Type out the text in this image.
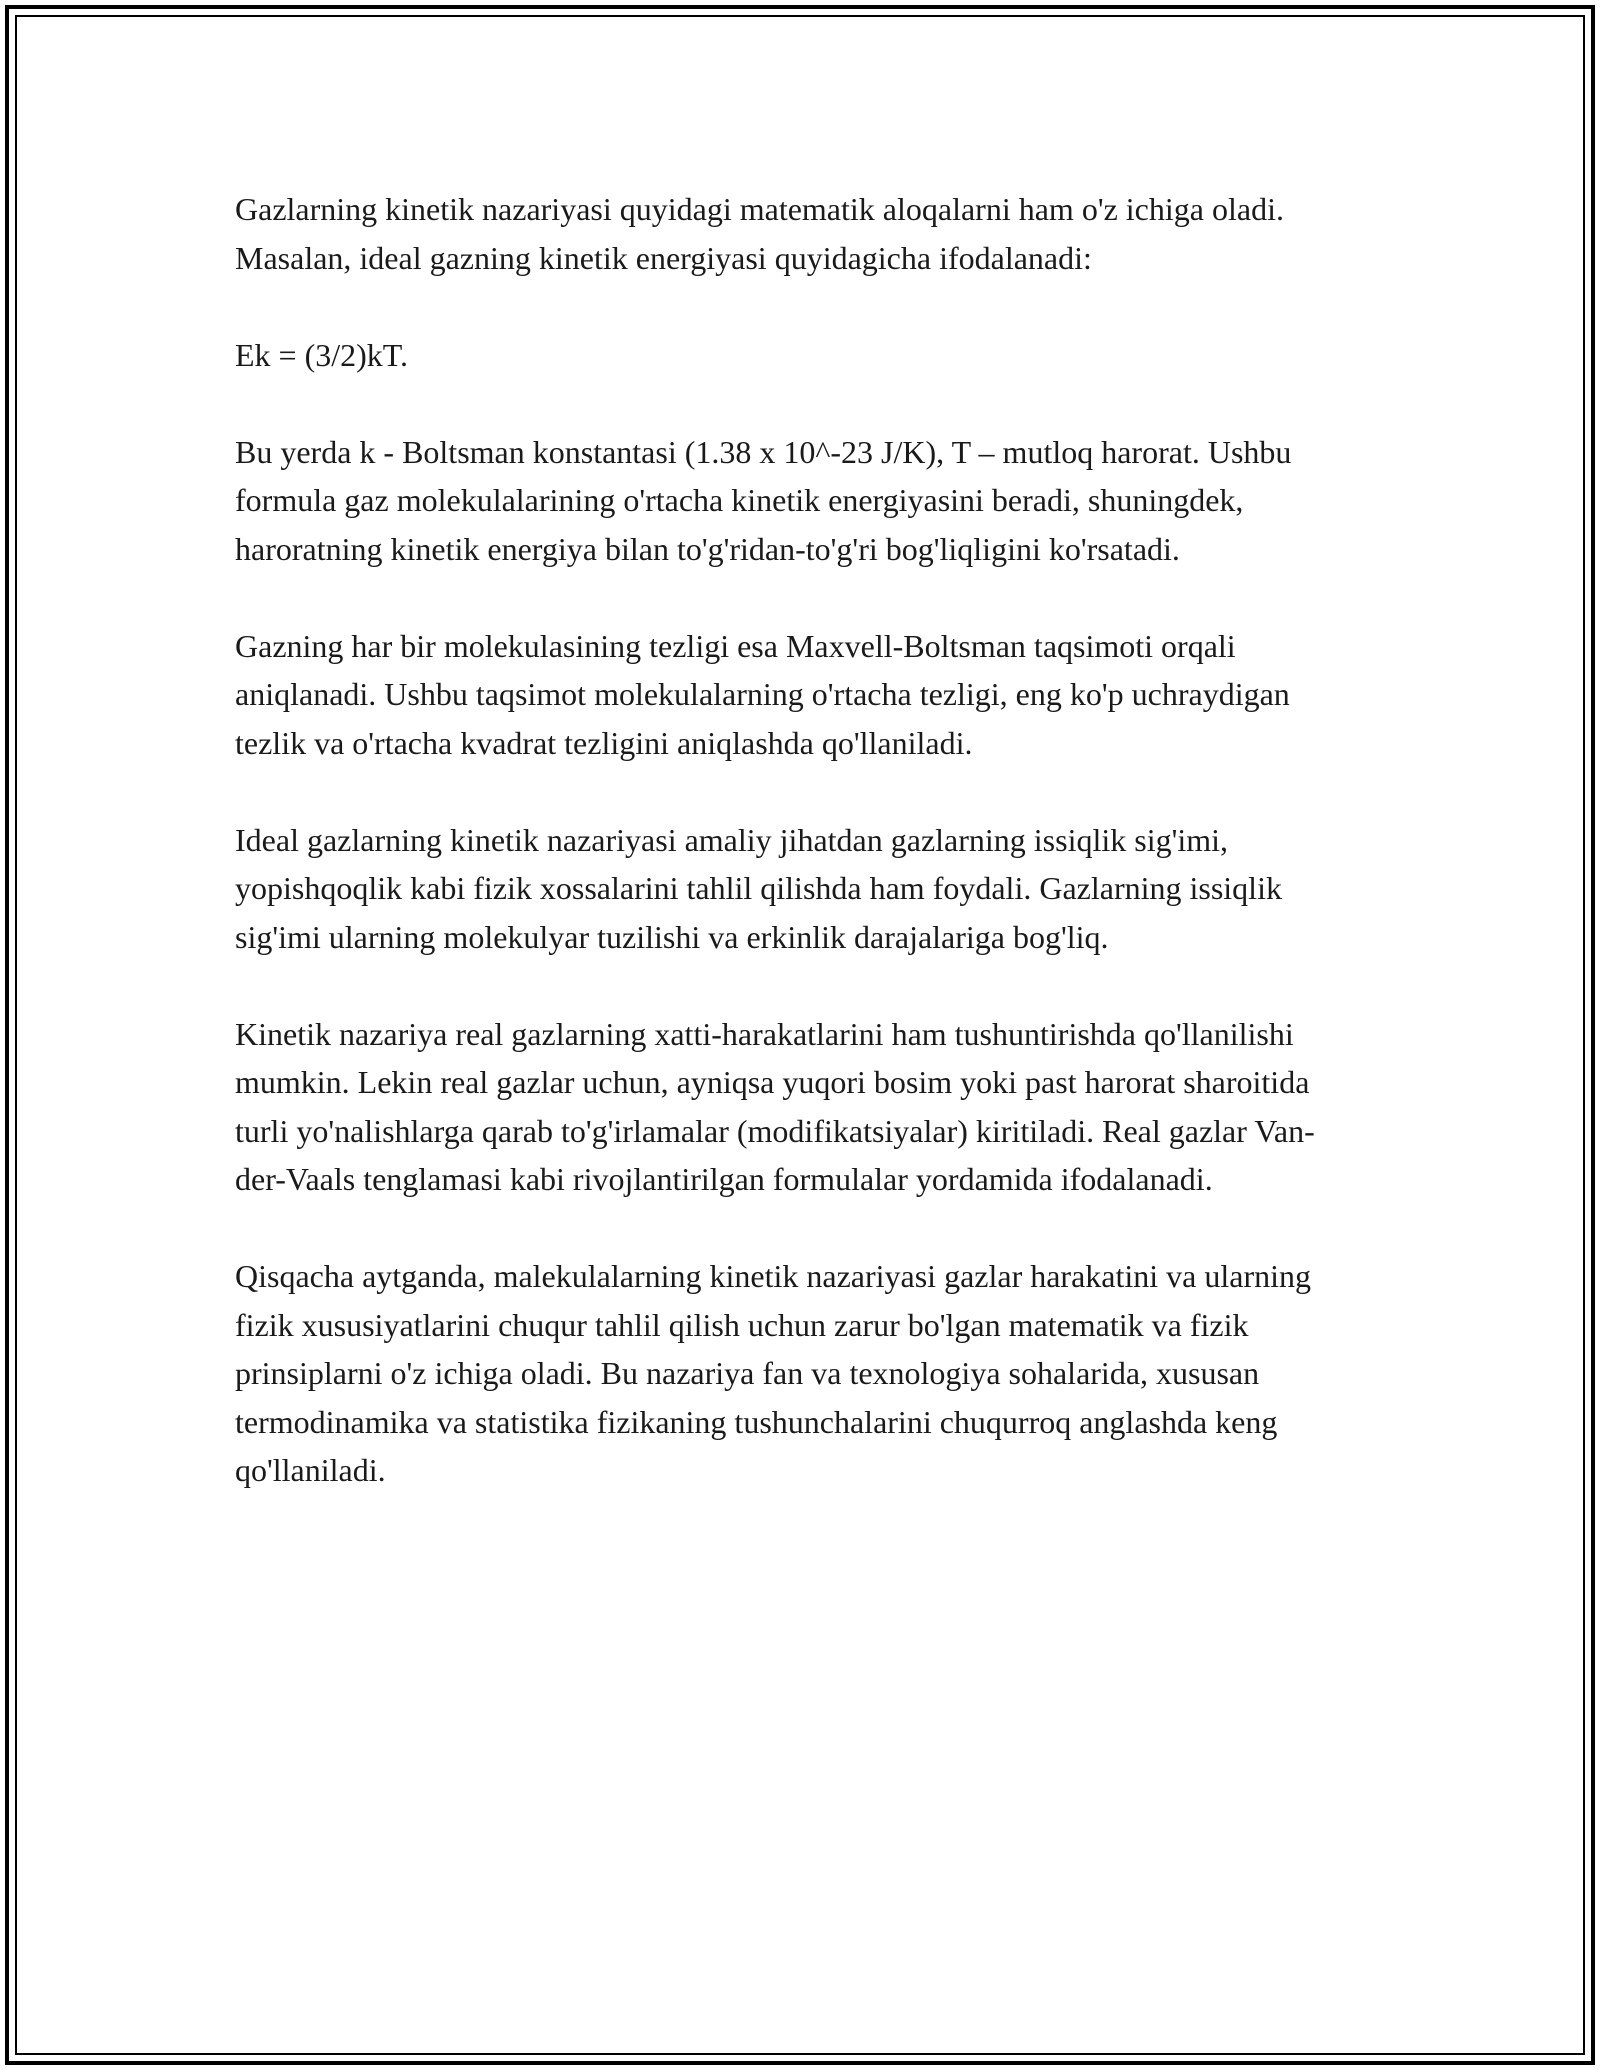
Gazlarning kinetik nazariyasi quyidagi matematik aloqalarni ham o'z ichiga oladi. Masalan, ideal gazning kinetik energiyasi quyidagicha ifodalanadi:

Ek = (3/2)kT.

Bu yerda k - Boltsman konstantasi (1.38 x 10^-23 J/K), T – mutloq harorat. Ushbu formula gaz molekulalarining o'rtacha kinetik energiyasini beradi, shuningdek, haroratning kinetik energiya bilan to'g'ridan-to'g'ri bog'liqligini ko'rsatadi.

Gazning har bir molekulasining tezligi esa Maxvell-Boltsman taqsimoti orqali aniqlanadi. Ushbu taqsimot molekulalarning o'rtacha tezligi, eng ko'p uchraydigan tezlik va o'rtacha kvadrat tezligini aniqlashda qo'llaniladi.

Ideal gazlarning kinetik nazariyasi amaliy jihatdan gazlarning issiqlik sig'imi, yopishqoqlik kabi fizik xossalarini tahlil qilishda ham foydali. Gazlarning issiqlik sig'imi ularning molekulyar tuzilishi va erkinlik darajalariga bog'liq.

Kinetik nazariya real gazlarning xatti-harakatlarini ham tushuntirishda qo'llanilishi mumkin. Lekin real gazlar uchun, ayniqsa yuqori bosim yoki past harorat sharoitida turli yo'nalishlarga qarab to'g'irlamalar (modifikatsiyalar) kiritiladi. Real gazlar Van-der-Vaals tenglamasi kabi rivojlantirilgan formulalar yordamida ifodalanadi.

Qisqacha aytganda, malekulalarning kinetik nazariyasi gazlar harakatini va ularning fizik xususiyatlarini chuqur tahlil qilish uchun zarur bo'lgan matematik va fizik prinsiplarni o'z ichiga oladi. Bu nazariya fan va texnologiya sohalarida, xususan termodinamika va statistika fizikaning tushunchalarini chuqurroq anglashda keng qo'llaniladi.
